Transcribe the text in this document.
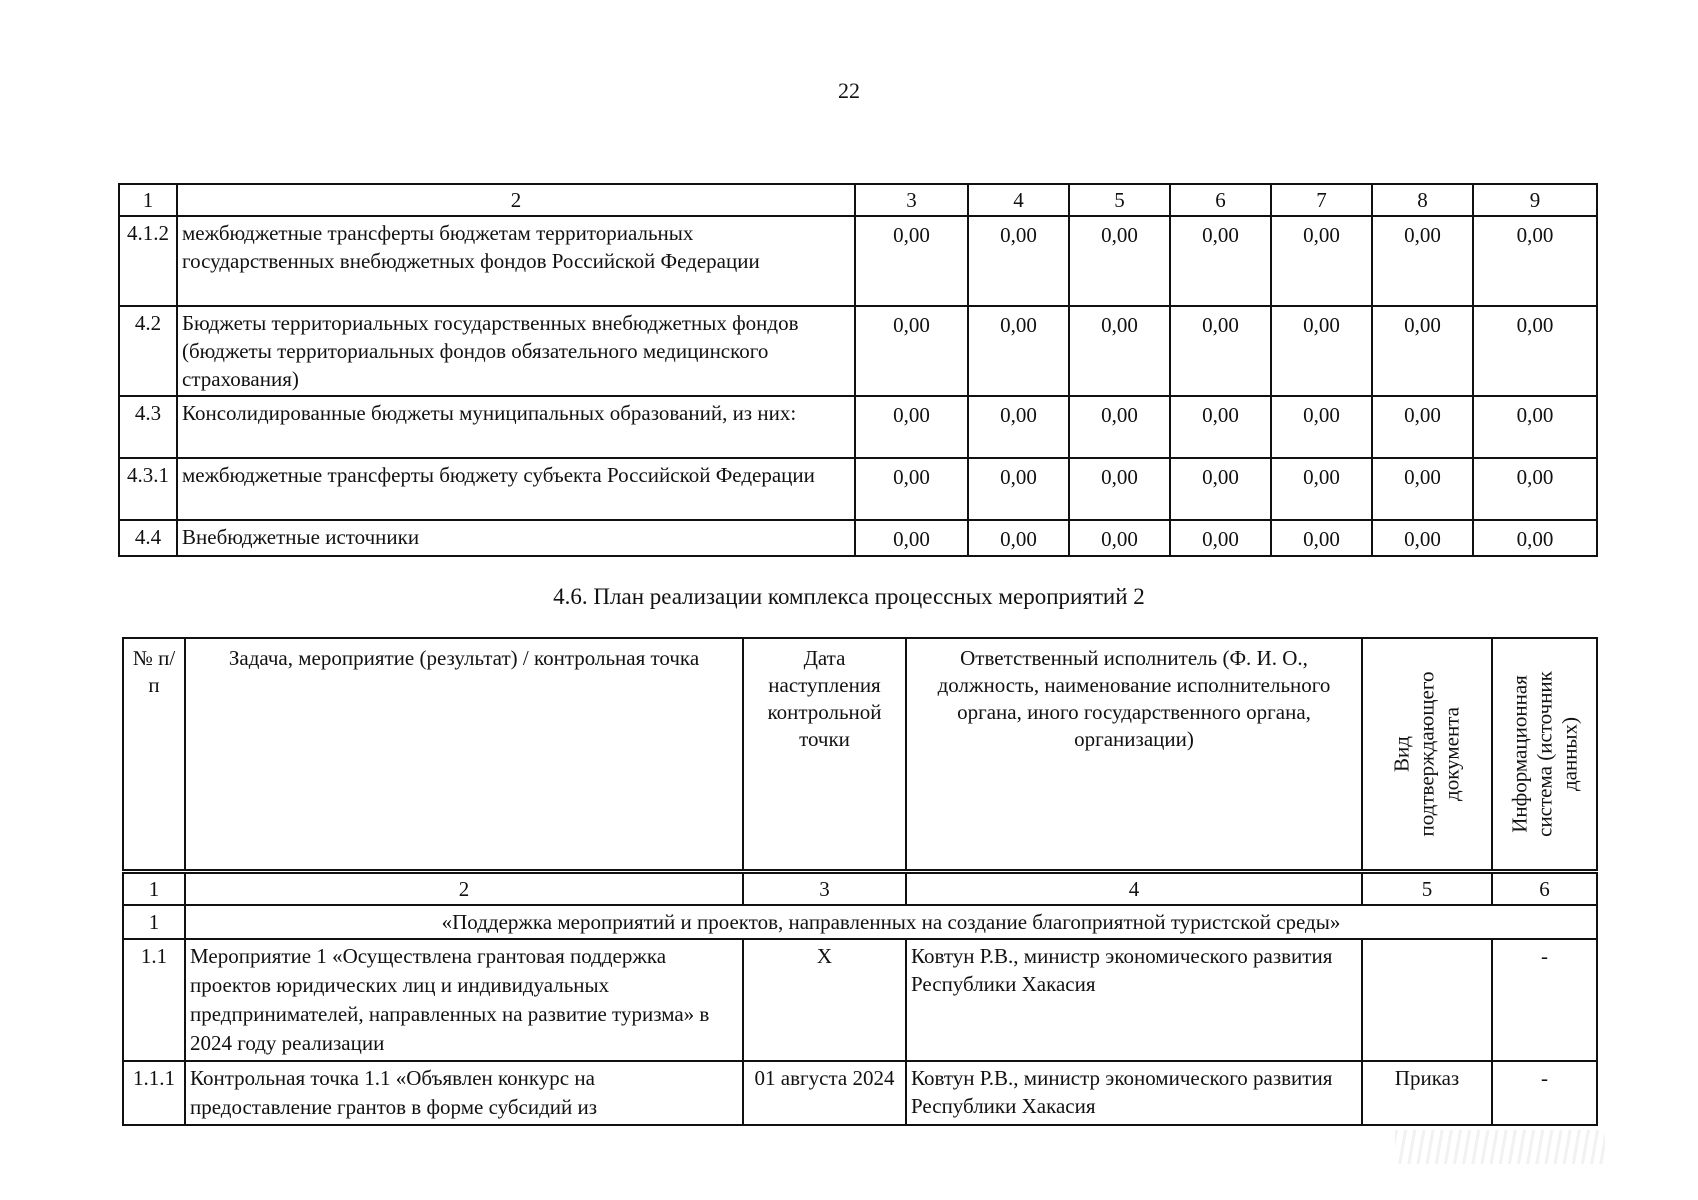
22
1	2	3	4	5	6	7	8	9
4.1.2	межбюджетные трансферты бюджетам территориальных государственных внебюджетных фондов Российской Федерации	0,00	0,00	0,00	0,00	0,00	0,00	0,00
4.2	Бюджеты территориальных государственных внебюджетных фондов (бюджеты территориальных фондов обязательного медицинского страхования)	0,00	0,00	0,00	0,00	0,00	0,00	0,00
4.3	Консолидированные бюджеты муниципальных образований, из них:	0,00	0,00	0,00	0,00	0,00	0,00	0,00
4.3.1	межбюджетные трансферты бюджету субъекта Российской Федерации	0,00	0,00	0,00	0,00	0,00	0,00	0,00
4.4	Внебюджетные источники	0,00	0,00	0,00	0,00	0,00	0,00	0,00
4.6. План реализации комплекса процессных мероприятий 2
№ п/п	Задача, мероприятие (результат) / контрольная точка	Дата наступления контрольной точки	Ответственный исполнитель (Ф. И. О., должность, наименование исполнительного органа, иного государственного органа, организации)	Вид подтверждающего документа	Информационная система (источник данных)
1	2	3	4	5	6
1	«Поддержка мероприятий и проектов, направленных на создание благоприятной туристской среды»				
1.1	Мероприятие 1 «Осуществлена грантовая поддержка проектов юридических лиц и индивидуальных предпринимателей, направленных на развитие туризма» в 2024 году реализации	Х	Ковтун Р.В., министр экономического развития Республики Хакасия		-
1.1.1	Контрольная точка 1.1 «Объявлен конкурс на предоставление грантов в форме субсидий из	01 августа 2024	Ковтун Р.В., министр экономического развития Республики Хакасия	Приказ	-
